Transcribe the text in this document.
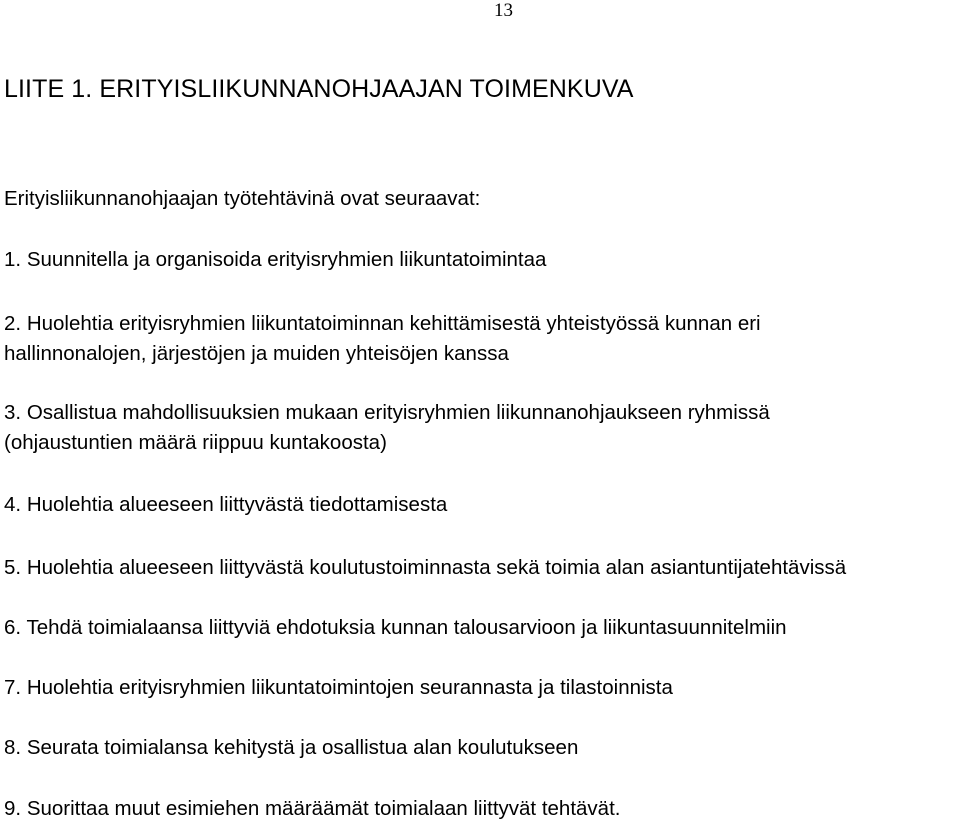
13
LIITE 1. ERITYISLIIKUNNANOHJAAJAN TOIMENKUVA
Erityisliikunnanohjaajan työtehtävinä ovat seuraavat:
1. Suunnitella ja organisoida erityisryhmien liikuntatoimintaa
2. Huolehtia erityisryhmien liikuntatoiminnan kehittämisestä yhteistyössä kunnan eri
hallinnonalojen, järjestöjen ja muiden yhteisöjen kanssa
3. Osallistua mahdollisuuksien mukaan erityisryhmien liikunnanohjaukseen ryhmissä
(ohjaustuntien määrä riippuu kuntakoosta)
4. Huolehtia alueeseen liittyvästä tiedottamisesta
5. Huolehtia alueeseen liittyvästä koulutustoiminnasta sekä toimia alan asiantuntijatehtävissä
6. Tehdä toimialaansa liittyviä ehdotuksia kunnan talousarvioon ja liikuntasuunnitelmiin
7. Huolehtia erityisryhmien liikuntatoimintojen seurannasta ja tilastoinnista
8. Seurata toimialansa kehitystä ja osallistua alan koulutukseen
9. Suorittaa muut esimiehen määräämät toimialaan liittyvät tehtävät.
